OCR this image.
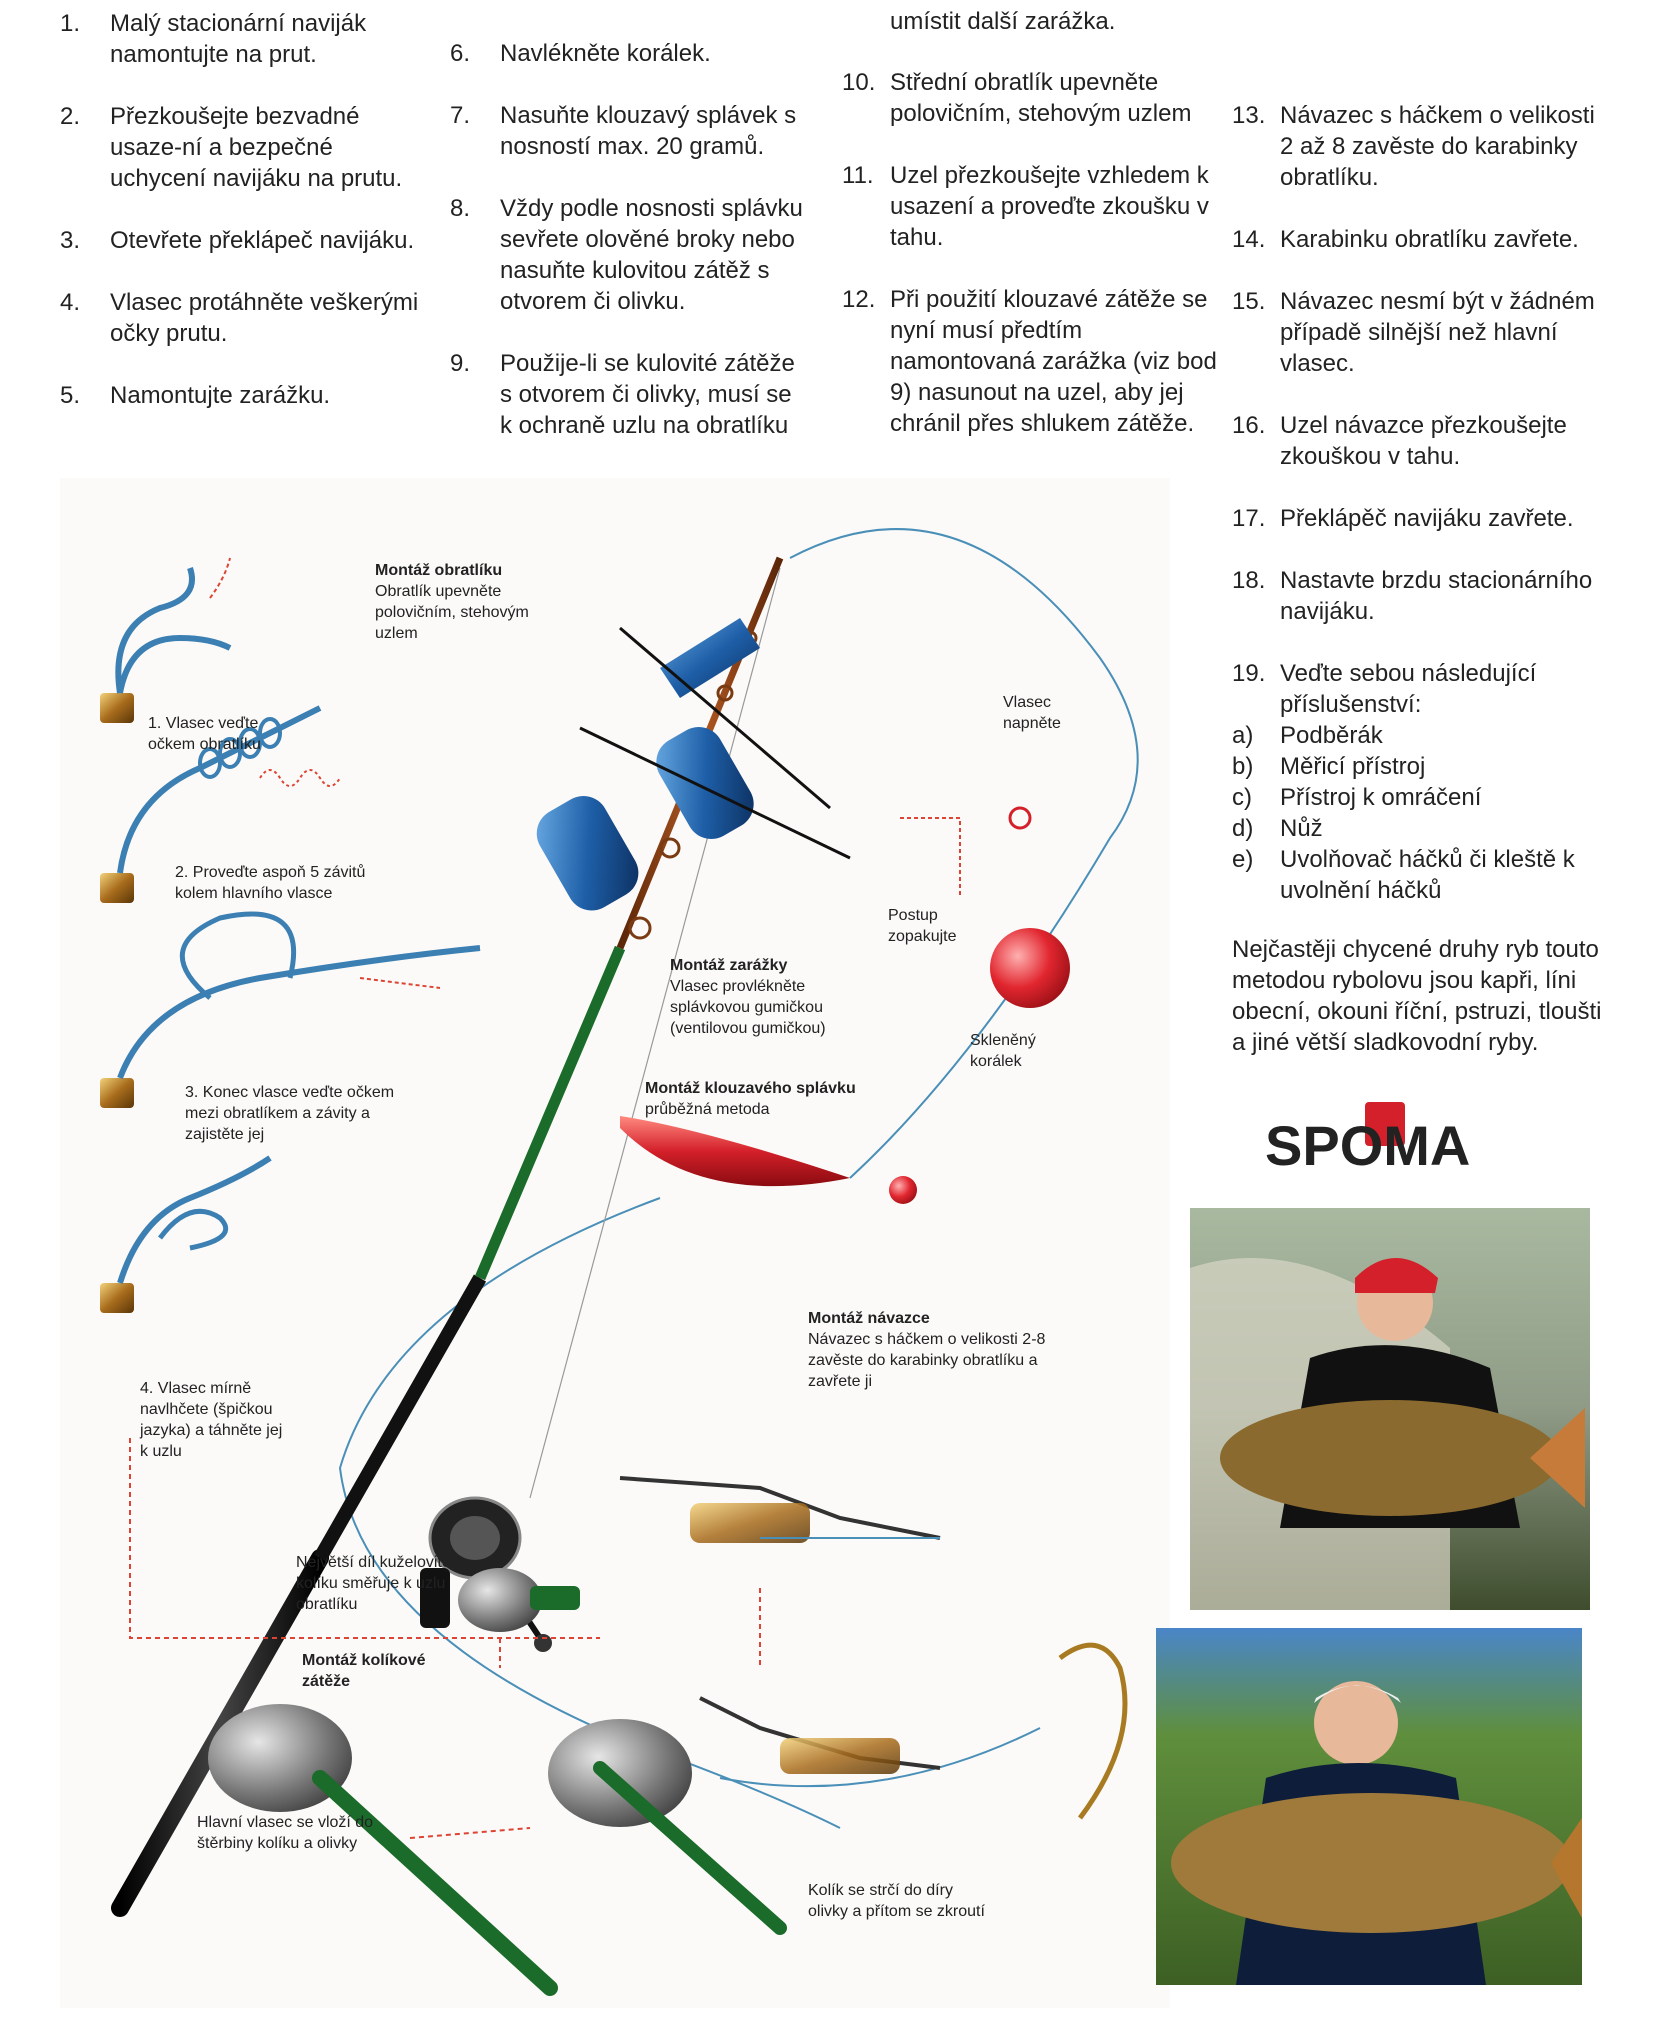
1. Malý stacionární naviják namontujte na prut.
2. Přezkoušejte bezvadné usaze-ní a bezpečné uchycení navijáku na prutu.
3. Otevřete překlápeč navijáku.
4. Vlasec protáhněte veškerými očky prutu.
5. Namontujte zarážku.
6. Navlékněte korálek.
7. Nasuňte klouzavý splávek s nosností max. 20 gramů.
8. Vždy podle nosnosti splávku sevřete olověné broky nebo nasuňte kulovitou zátěž s otvorem či olivku.
9. Použije-li se kulovité zátěže s otvorem či olivky, musí se k ochraně uzlu na obratlíku
umístit další zarážka.
10. Střední obratlík upevněte polovičním, stehovým uzlem
11. Uzel přezkoušejte vzhledem k usazení a proveďte zkoušku v tahu.
12. Při použití klouzavé zátěže se nyní musí předtím namontovaná zarážka (viz bod 9) nasunout na uzel, aby jej chránil přes shlukem zátěže.
13. Návazec s háčkem o velikosti 2 až 8 zavěste do karabinky obratlíku.
14. Karabinku obratlíku zavřete.
15. Návazec nesmí být v žádném případě silnější než hlavní vlasec.
16. Uzel návazce přezkoušejte zkouškou v tahu.
17. Překlápěč navijáku zavřete.
18. Nastavte brzdu stacionárního navijáku.
19. Veďte sebou následující příslušenství:
a) Podběrák
b) Měřicí přístroj
c) Přístroj k omráčení
d) Nůž
e) Uvolňovač háčků či kleště k uvolnění háčků
Nejčastěji chycené druhy ryb touto metodou rybolovu jsou kapři, líni obecní, okouni říční, pstruzi, tloušti a jiné větší sladkovodní ryby.
Montáž obratlíku
Obratlík upevněte polovičním, stehovým uzlem
1. Vlasec veďte očkem obratlíku
2. Proveďte aspoň 5 závitů kolem hlavního vlasce
3. Konec vlasce veďte očkem mezi obratlíkem a závity a zajistěte jej
4. Vlasec mírně navlhčete (špičkou jazyka) a táhněte jej k uzlu
Vlasec napněte
Postup zopakujte
Montáž zarážky
Vlasec provlékněte splávkovou gumičkou (ventilovou gumičkou)
Skleněný korálek
Montáž klouzavého splávku
průběžná metoda
Montáž návazce
Návazec s háčkem o velikosti 2-8 zavěste do karabinky obratlíku a zavřete ji
Největší díl kuželovitého kolíku směřuje k uzlu obratlíku
Montáž kolíkové zátěže
Hlavní vlasec se vloží do štěrbiny kolíku a olivky
Kolík se strčí do díry olivky a přítom se zkroutí
SPOMA
